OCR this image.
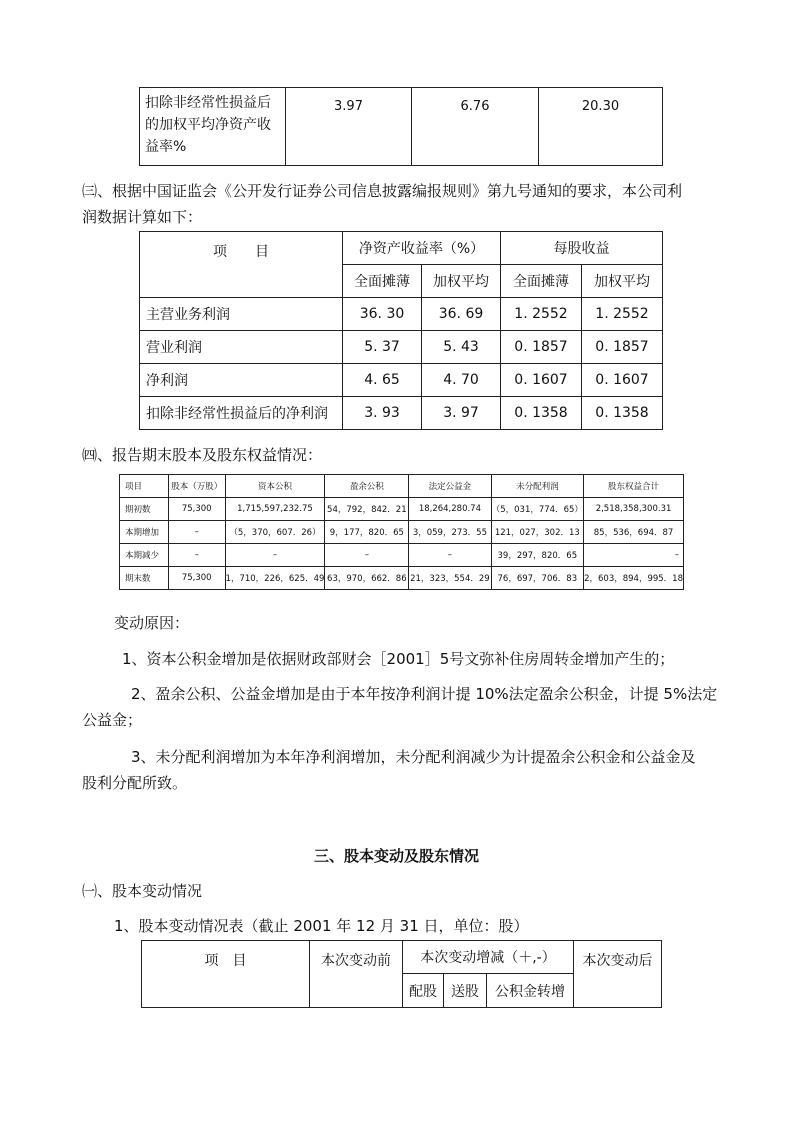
扣除非经常性损益后
的加权平均净资产收
益率%	3.97	6.76	20.30
㈢、根据中国证监会《公开发行证券公司信息披露编报规则》第九号通知的要求，本公司利
润数据计算如下：
项　　目	净资产收益率（%）		每股收益	
	全面摊薄	加权平均	全面摊薄	加权平均
主营业务利润	36. 30	36. 69	1. 2552	1. 2552
营业利润	5. 37	5. 43	0. 1857	0. 1857
净利润	4. 65	4. 70	0. 1607	0. 1607
扣除非经常性损益后的净利润	3. 93	3. 97	0. 1358	0. 1358
㈣、报告期末股本及股东权益情况：
项目	股本（万股）	资本公积	盈余公积	法定公益金	未分配利润	股东权益合计
期初数	75,300	1,715,597,232.75	54，792，842．21	18,264,280.74	（5，031，774．65）	2,518,358,300.31
本期增加	–	（5，370，607．26）	9，177，820．65	3，059，273．55	121，027，302．13	85，536，694．87
本期减少	–	–	–	–	39，297，820．65	–
期末数	75,300	1，710，226，625．49	63，970，662．86	21，323，554．29	76，697，706．83	2，603，894，995．18
变动原因：
1、资本公积金增加是依据财政部财会［2001］5号文弥补住房周转金增加产生的；
2、盈余公积、公益金增加是由于本年按净利润计提 10%法定盈余公积金，计提 5%法定
公益金；
3、未分配利润增加为本年净利润增加，未分配利润减少为计提盈余公积金和公益金及
股利分配所致。
三、股本变动及股东情况
㈠、股本变动情况
1、股本变动情况表（截止 2001 年 12 月 31 日，单位：股）
项　目	本次变动前	本次变动增减（＋,-）			本次变动后
		配股	送股	公积金转增	
